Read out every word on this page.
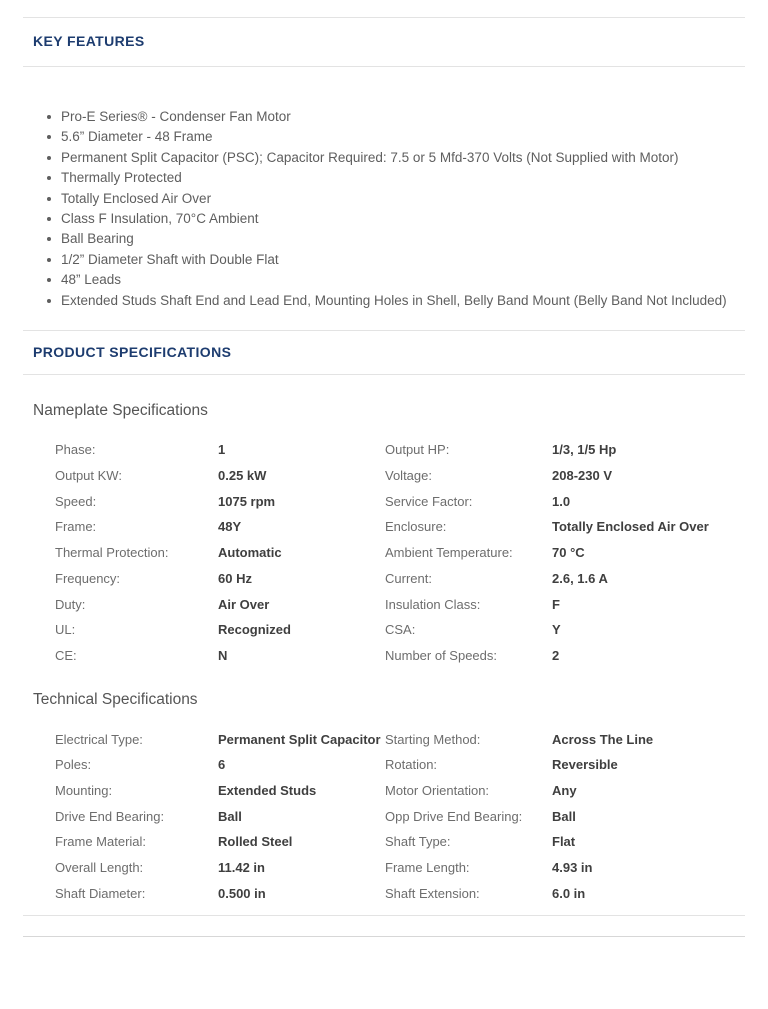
KEY FEATURES
Pro-E Series® - Condenser Fan Motor
5.6” Diameter - 48 Frame
Permanent Split Capacitor (PSC); Capacitor Required: 7.5 or 5 Mfd-370 Volts (Not Supplied with Motor)
Thermally Protected
Totally Enclosed Air Over
Class F Insulation, 70°C Ambient
Ball Bearing
1/2” Diameter Shaft with Double Flat
48” Leads
Extended Studs Shaft End and Lead End, Mounting Holes in Shell, Belly Band Mount (Belly Band Not Included)
PRODUCT SPECIFICATIONS
Nameplate Specifications
Phase:	1	Output HP:	1/3, 1/5 Hp
Output KW:	0.25 kW	Voltage:	208-230 V
Speed:	1075 rpm	Service Factor:	1.0
Frame:	48Y	Enclosure:	Totally Enclosed Air Over
Thermal Protection:	Automatic	Ambient Temperature:	70 °C
Frequency:	60 Hz	Current:	2.6, 1.6 A
Duty:	Air Over	Insulation Class:	F
UL:	Recognized	CSA:	Y
CE:	N	Number of Speeds:	2
Technical Specifications
Electrical Type:	Permanent Split Capacitor Starting Method:	Across The Line
Poles:	6	Rotation:	Reversible
Mounting:	Extended Studs	Motor Orientation:	Any
Drive End Bearing:	Ball	Opp Drive End Bearing:	Ball
Frame Material:	Rolled Steel	Shaft Type:	Flat
Overall Length:	11.42 in	Frame Length:	4.93 in
Shaft Diameter:	0.500 in	Shaft Extension:	6.0 in
